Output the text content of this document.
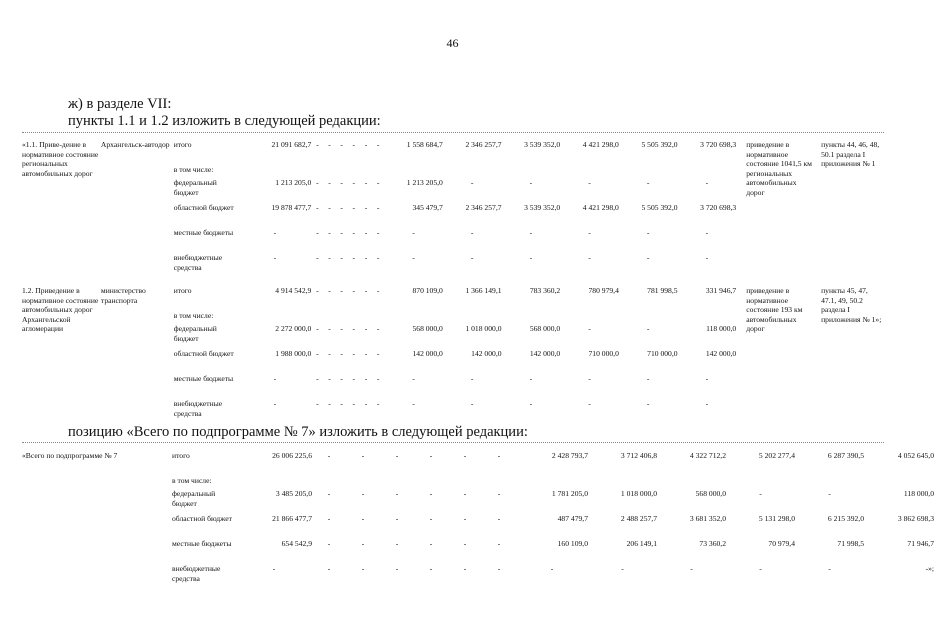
46
ж) в разделе VII:
пункты 1.1 и 1.2 изложить в следующей редакции:
«1.1. Приве-дение в нормативное состояние региональных автомобильных дорог	Архангельск-автодор	итого	21 091 682,7	-	-	-	-	-	-	1 558 684,7	2 346 257,7	3 539 352,0	4 421 298,0	5 505 392,0	3 720 698,3	приведение в нормативное состояние 1041,5 км региональных автомобильных дорог	пункты 44, 46, 48, 50.1 раздела I приложения № 1
		в том числе:															
		федеральный бюджет	1 213 205,0	-	-	-	-	-	-	1 213 205,0	-	-	-	-	-		
		областной бюджет	19 878 477,7	-	-	-	-	-	-	345 479,7	2 346 257,7	3 539 352,0	4 421 298,0	5 505 392,0	3 720 698,3		
		местные бюджеты	-	-	-	-	-	-	-	-	-	-	-	-	-		
		внебюджетные средства	-	-	-	-	-	-	-	-	-	-	-	-	-		
1.2. Приведение в нормативное состояние автомобильных дорог Архангельской агломерации	министерство транспорта	итого	4 914 542,9	-	-	-	-	-	-	870 109,0	1 366 149,1	783 360,2	780 979,4	781 998,5	331 946,7	приведение в нормативное состояние 193 км автомобильных дорог	пункты 45, 47, 47.1, 49, 50.2 раздела I приложения № 1»;
		в том числе:															
		федеральный бюджет	2 272 000,0	-	-	-	-	-	-	568 000,0	1 018 000,0	568 000,0	-	-	118 000,0		
		областной бюджет	1 988 000,0	-	-	-	-	-	-	142 000,0	142 000,0	142 000,0	710 000,0	710 000,0	142 000,0		
		местные бюджеты	-	-	-	-	-	-	-	-	-	-	-	-	-		
		внебюджетные средства	-	-	-	-	-	-	-	-	-	-	-	-	-		
позицию «Всего по подпрограмме № 7» изложить в следующей редакции:
«Всего по подпрограмме № 7	итого	26 006 225,6	-	-	-	-	-	-	2 428 793,7	3 712 406,8	4 322 712,2	5 202 277,4	6 287 390,5	4 052 645,0
	в том числе:													
	федеральный бюджет	3 485 205,0	-	-	-	-	-	-	1 781 205,0	1 018 000,0	568 000,0	-	-	118 000,0
	областной бюджет	21 866 477,7	-	-	-	-	-	-	487 479,7	2 488 257,7	3 681 352,0	5 131 298,0	6 215 392,0	3 862 698,3
	местные бюджеты	654 542,9	-	-	-	-	-	-	160 109,0	206 149,1	73 360,2	70 979,4	71 998,5	71 946,7
	внебюджетные средства	-	-	-	-	-	-	-	-	-	-	-	-	-»;
